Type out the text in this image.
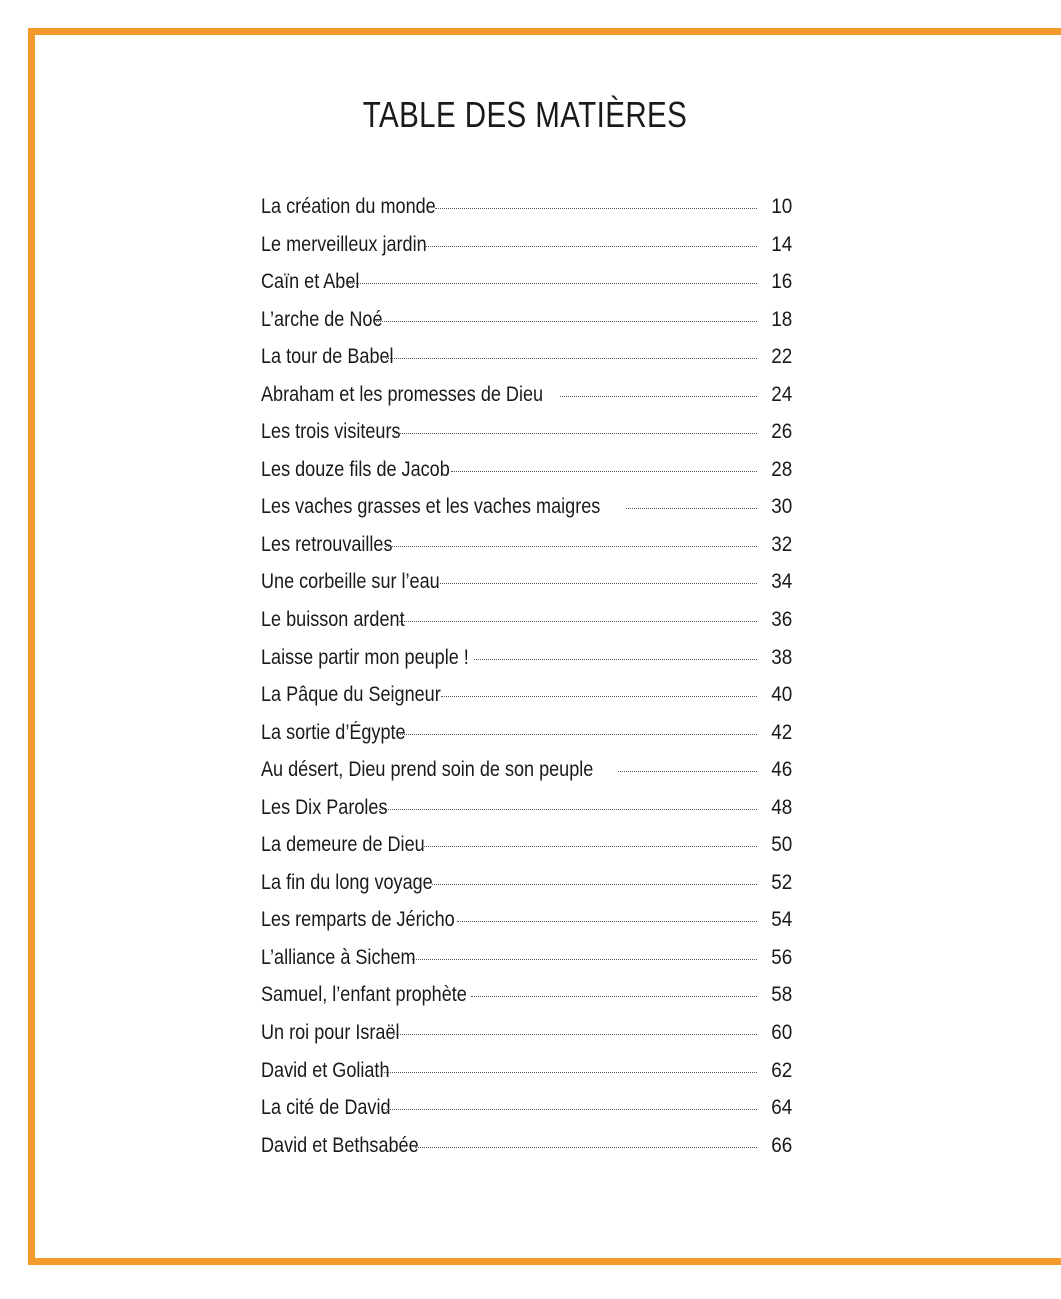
TABLE DES MATIÈRES
La création du monde	10
Le merveilleux jardin	14
Caïn et Abel	16
L’arche de Noé	18
La tour de Babel	22
Abraham et les promesses de Dieu	24
Les trois visiteurs	26
Les douze fils de Jacob	28
Les vaches grasses et les vaches maigres	30
Les retrouvailles	32
Une corbeille sur l’eau	34
Le buisson ardent	36
Laisse partir mon peuple !	38
La Pâque du Seigneur	40
La sortie d’Égypte	42
Au désert, Dieu prend soin de son peuple	46
Les Dix Paroles	48
La demeure de Dieu	50
La fin du long voyage	52
Les remparts de Jéricho	54
L’alliance à Sichem	56
Samuel, l’enfant prophète	58
Un roi pour Israël	60
David et Goliath	62
La cité de David	64
David et Bethsabée	66
